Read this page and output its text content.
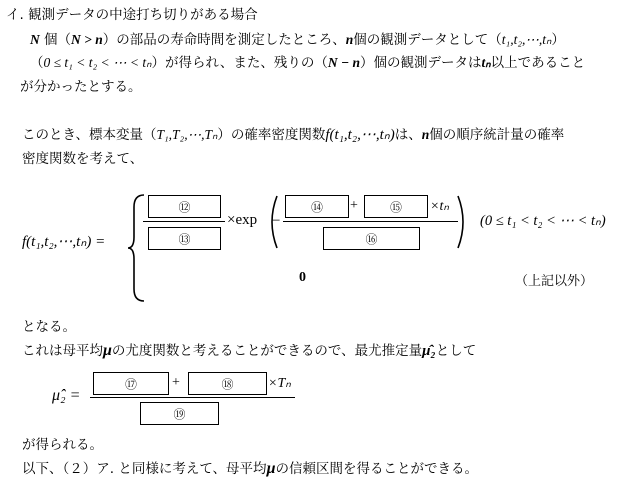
イ. 観測データの中途打ち切りがある場合
N 個（N > n）の部品の寿命時間を測定したところ、n個の観測データとして（t₁,t₂,⋯,tₙ）
（0 ≤ t₁ < t₂ < ⋯ < tₙ）が得られ、また、残りの（N − n）個の観測データはtₙ以上であること
が分かったとする。
このとき、標本変量（T₁,T₂,⋯,Tₙ）の確率密度関数f(t₁,t₂,⋯,tₙ)は、n個の順序統計量の確率
密度関数を考えて、
f(t₁,t₂,⋯,tₙ) =
⑫
⑬
×exp −
⑭	+	⑮	×tₙ
⑯
(0 ≤ t₁ < t₂ < ⋯ < tₙ)
0	（上記以外）
となる。
これは母平均μの尤度関数と考えることができるので、最尤推定量μ̂₂として
μ̂₂ =
⑰	+	⑱	×Tₙ
⑲
が得られる。
以下、（２）ア. と同様に考えて、母平均μの信頼区間を得ることができる。
